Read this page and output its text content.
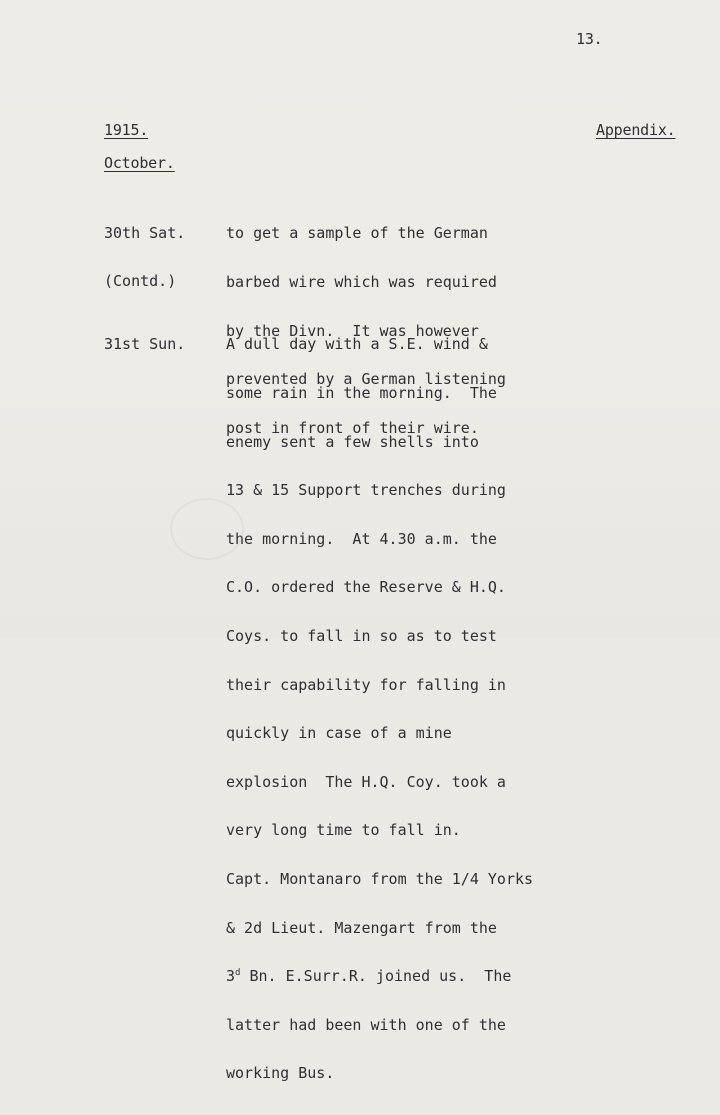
13.
1915.	Appendix.
October.

30th Sat.

(Contd.)

to get a sample of the German

barbed wire which was required

by the Divn.  It was however

prevented by a German listening

post in front of their wire.

31st Sun.

	A dull day with a S.E. wind &

some rain in the morning.  The

enemy sent a few shells into

13 & 15 Support trenches during

the morning.  At 4.30 a.m. the

C.O. ordered the Reserve & H.Q.

Coys. to fall in so as to test

their capability for falling in

quickly in case of a mine

explosion  The H.Q. Coy. took a

very long time to fall in.

Capt. Montanaro from the 1/4 Yorks

& 2d Lieut. Mazengart from the

3$^d$ Bn. E.Surr.R. joined us.  The

latter had been with one of the

working Bus.
